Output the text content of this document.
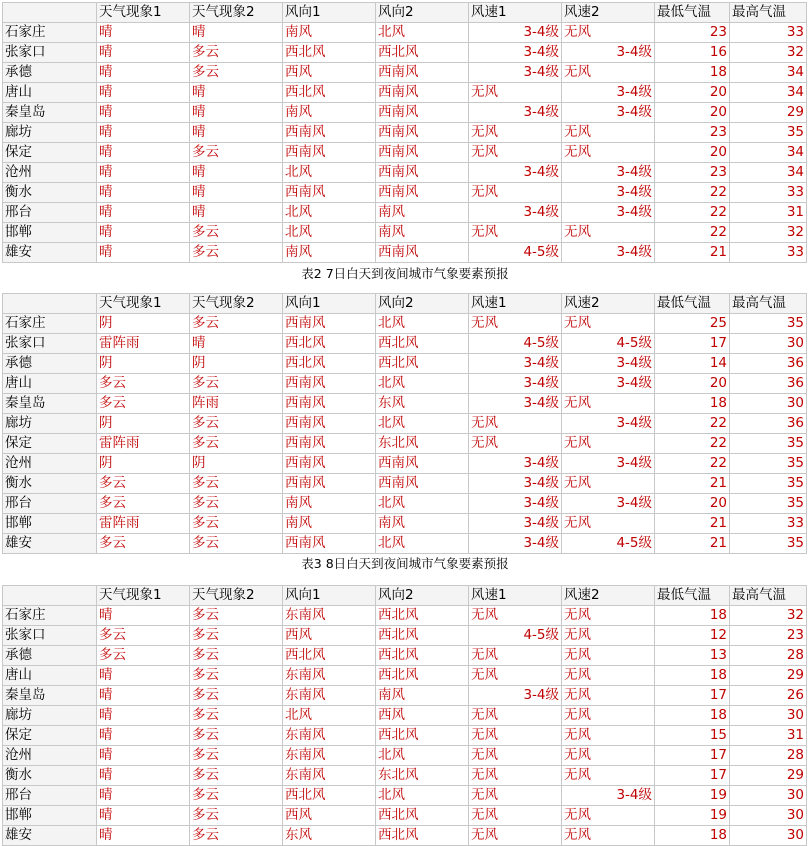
	天气现象1	天气现象2	风向1	风向2	风速1	风速2	最低气温	最高气温
石家庄	晴	晴	南风	北风	3-4级	无风	23	33
张家口	晴	多云	西北风	西北风	3-4级	3-4级	16	32
承德	晴	多云	西风	西南风	3-4级	无风	18	34
唐山	晴	晴	西北风	西南风	无风	3-4级	20	34
秦皇岛	晴	晴	南风	西南风	3-4级	3-4级	20	29
廊坊	晴	晴	西南风	西南风	无风	无风	23	35
保定	晴	多云	西南风	西南风	无风	无风	20	34
沧州	晴	晴	北风	西南风	3-4级	3-4级	23	34
衡水	晴	晴	西南风	西南风	无风	3-4级	22	33
邢台	晴	晴	北风	南风	3-4级	3-4级	22	31
邯郸	晴	多云	北风	南风	无风	无风	22	32
雄安	晴	多云	南风	西南风	4-5级	3-4级	21	33
表2 7日白天到夜间城市气象要素预报
	天气现象1	天气现象2	风向1	风向2	风速1	风速2	最低气温	最高气温
石家庄	阴	多云	西南风	北风	无风	无风	25	35
张家口	雷阵雨	晴	西北风	西北风	4-5级	4-5级	17	30
承德	阴	阴	西北风	西北风	3-4级	3-4级	14	36
唐山	多云	多云	西南风	北风	3-4级	3-4级	20	36
秦皇岛	多云	阵雨	西南风	东风	3-4级	无风	18	30
廊坊	阴	多云	西南风	北风	无风	3-4级	22	36
保定	雷阵雨	多云	西南风	东北风	无风	无风	22	35
沧州	阴	阴	西南风	西南风	3-4级	3-4级	22	35
衡水	多云	多云	西南风	西南风	3-4级	无风	21	35
邢台	多云	多云	南风	北风	3-4级	3-4级	20	35
邯郸	雷阵雨	多云	南风	南风	3-4级	无风	21	33
雄安	多云	多云	西南风	北风	3-4级	4-5级	21	35
表3 8日白天到夜间城市气象要素预报
	天气现象1	天气现象2	风向1	风向2	风速1	风速2	最低气温	最高气温
石家庄	晴	多云	东南风	西北风	无风	无风	18	32
张家口	多云	多云	西风	西北风	4-5级	无风	12	23
承德	多云	多云	西北风	西北风	无风	无风	13	28
唐山	晴	多云	东南风	西北风	无风	无风	18	29
秦皇岛	晴	多云	东南风	南风	3-4级	无风	17	26
廊坊	晴	多云	北风	西风	无风	无风	18	30
保定	晴	多云	东南风	西北风	无风	无风	15	31
沧州	晴	多云	东南风	北风	无风	无风	17	28
衡水	晴	多云	东南风	东北风	无风	无风	17	29
邢台	晴	多云	西北风	北风	无风	3-4级	19	30
邯郸	晴	多云	西风	西北风	无风	无风	19	30
雄安	晴	多云	东风	西北风	无风	无风	18	30
